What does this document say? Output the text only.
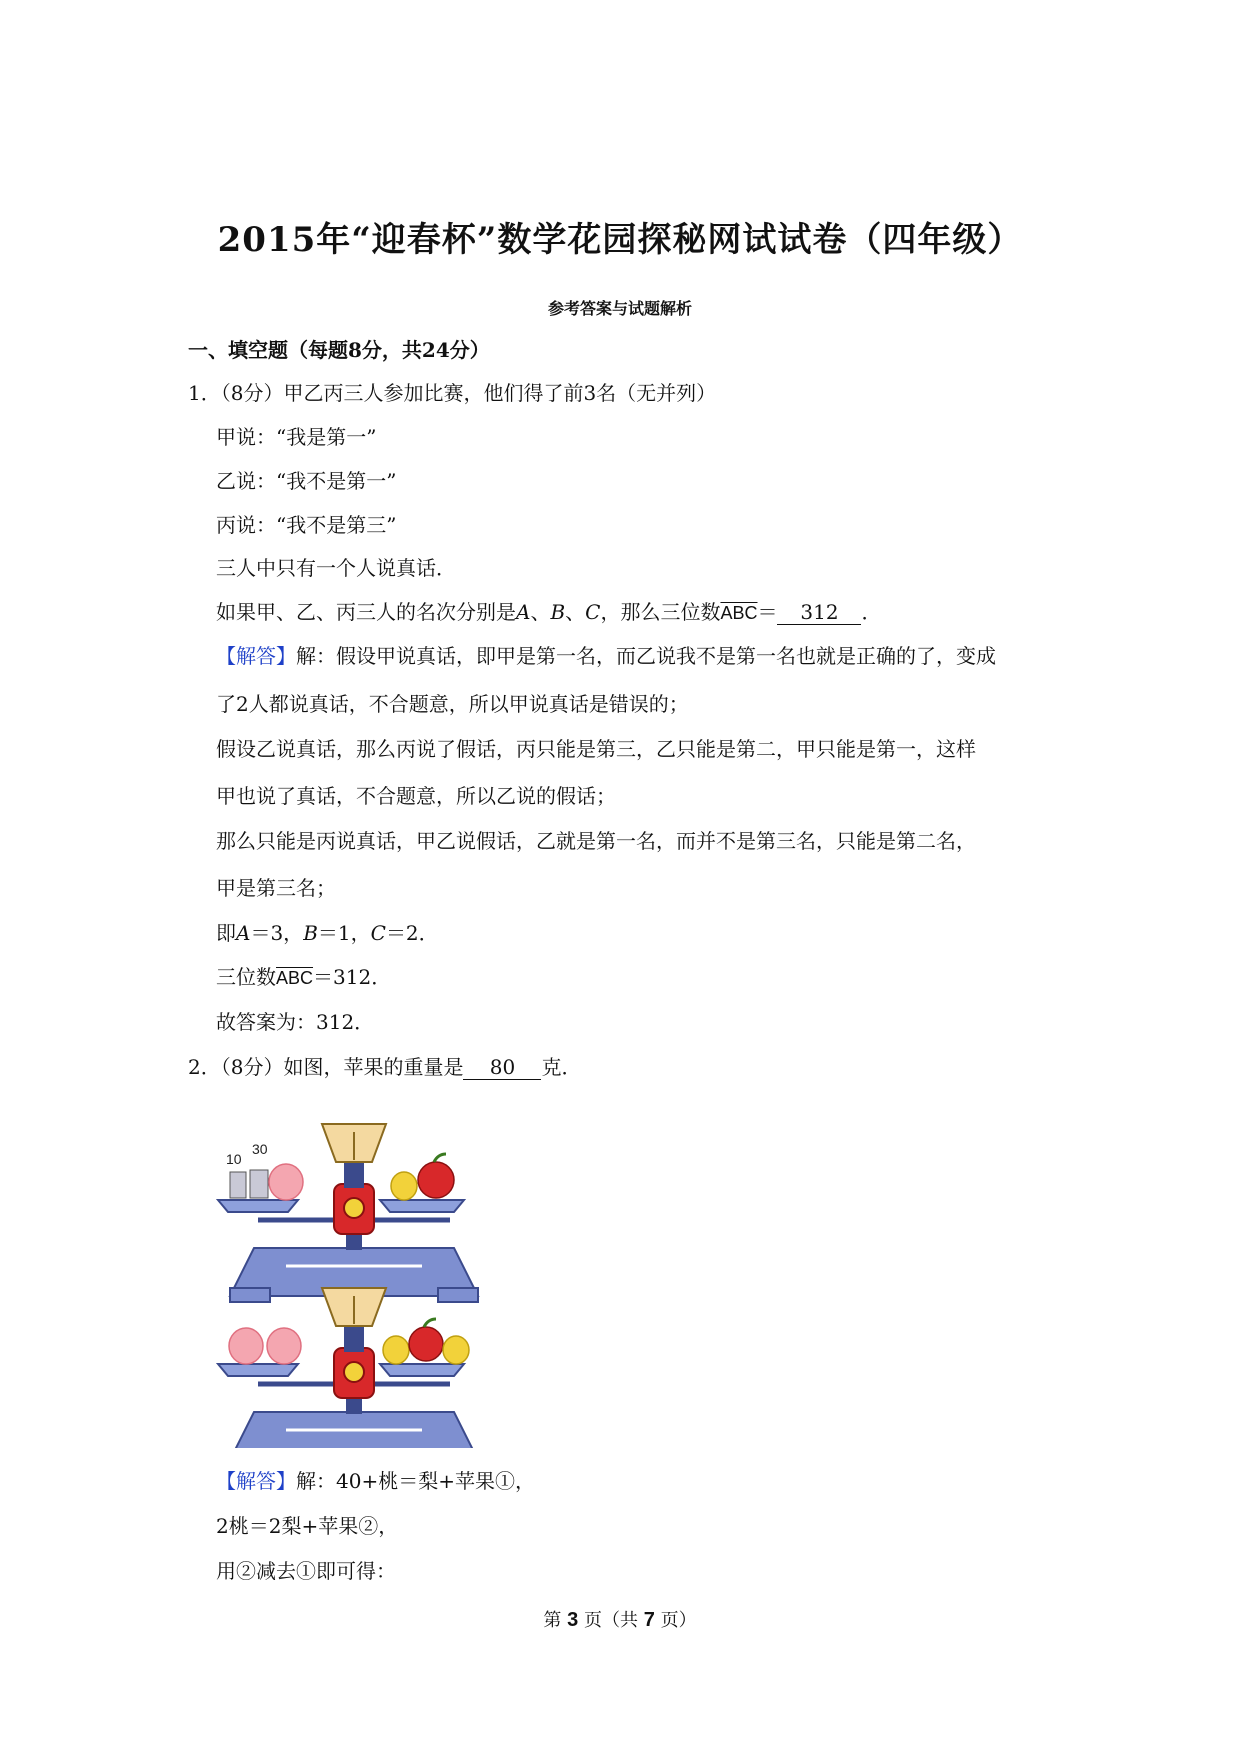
2015年“迎春杯”数学花园探秘网试试卷（四年级）
参考答案与试题解析
一、填空题（每题8分，共24分）
1．（8分）甲乙丙三人参加比赛，他们得了前3名（无并列）
甲说：“我是第一”
乙说：“我不是第一”
丙说：“我不是第三”
三人中只有一个人说真话．
如果甲、乙、丙三人的名次分别是A、B、C，那么三位数$\overline{ABC}= 312$ ．
【解答】解：假设甲说真话，即甲是第一名，而乙说我不是第一名也就是正确的了，变成
了2人都说真话，不合题意，所以甲说真话是错误的；
假设乙说真话，那么丙说了假话，丙只能是第三，乙只能是第二，甲只能是第一，这样
甲也说了真话，不合题意，所以乙说的假话；
那么只能是丙说真话，甲乙说假话，乙就是第一名，而并不是第三名，只能是第二名，
甲是第三名；
即A＝3，B＝1，C＝2．
三位数$\overline{ABC}=312$．
故答案为：312．
2．（8分）如图，苹果的重量是 80 克．
10
30
【解答】解：40+桃＝梨+苹果①，
2桃＝2梨+苹果②，
用②减去①即可得：
第 3 页（共 7 页）
